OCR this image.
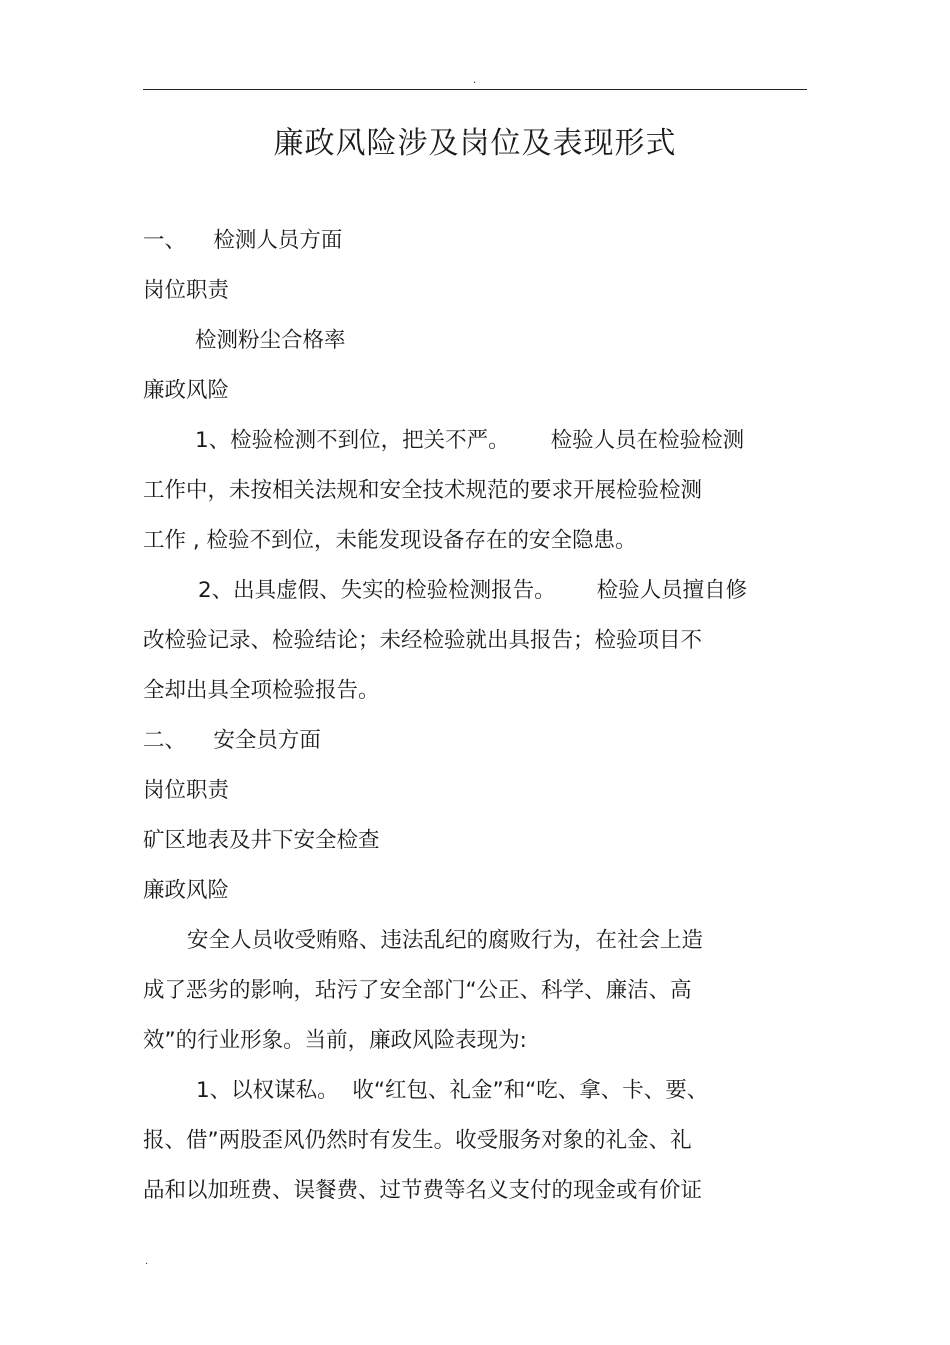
.
廉政风险涉及岗位及表现形式
一、    检测人员方面
岗位职责
检测粉尘合格率
廉政风险
1、检验检测不到位，把关不严。      检验人员在检验检测
工作中，未按相关法规和安全技术规范的要求开展检验检测
工作 , 检验不到位，未能发现设备存在的安全隐患。
2、出具虚假、失实的检验检测报告。      检验人员擅自修
改检验记录、检验结论；未经检验就出具报告；检验项目不
全却出具全项检验报告。
二、    安全员方面
岗位职责
矿区地表及井下安全检查
廉政风险
安全人员收受贿赂、违法乱纪的腐败行为，在社会上造
成了恶劣的影响，玷污了安全部门“公正、科学、廉洁、高
效”的行业形象。当前，廉政风险表现为:
1、以权谋私。  收“红包、礼金”和“吃、拿、卡、要、
报、借”两股歪风仍然时有发生。收受服务对象的礼金、礼
品和以加班费、误餐费、过节费等名义支付的现金或有价证
.
